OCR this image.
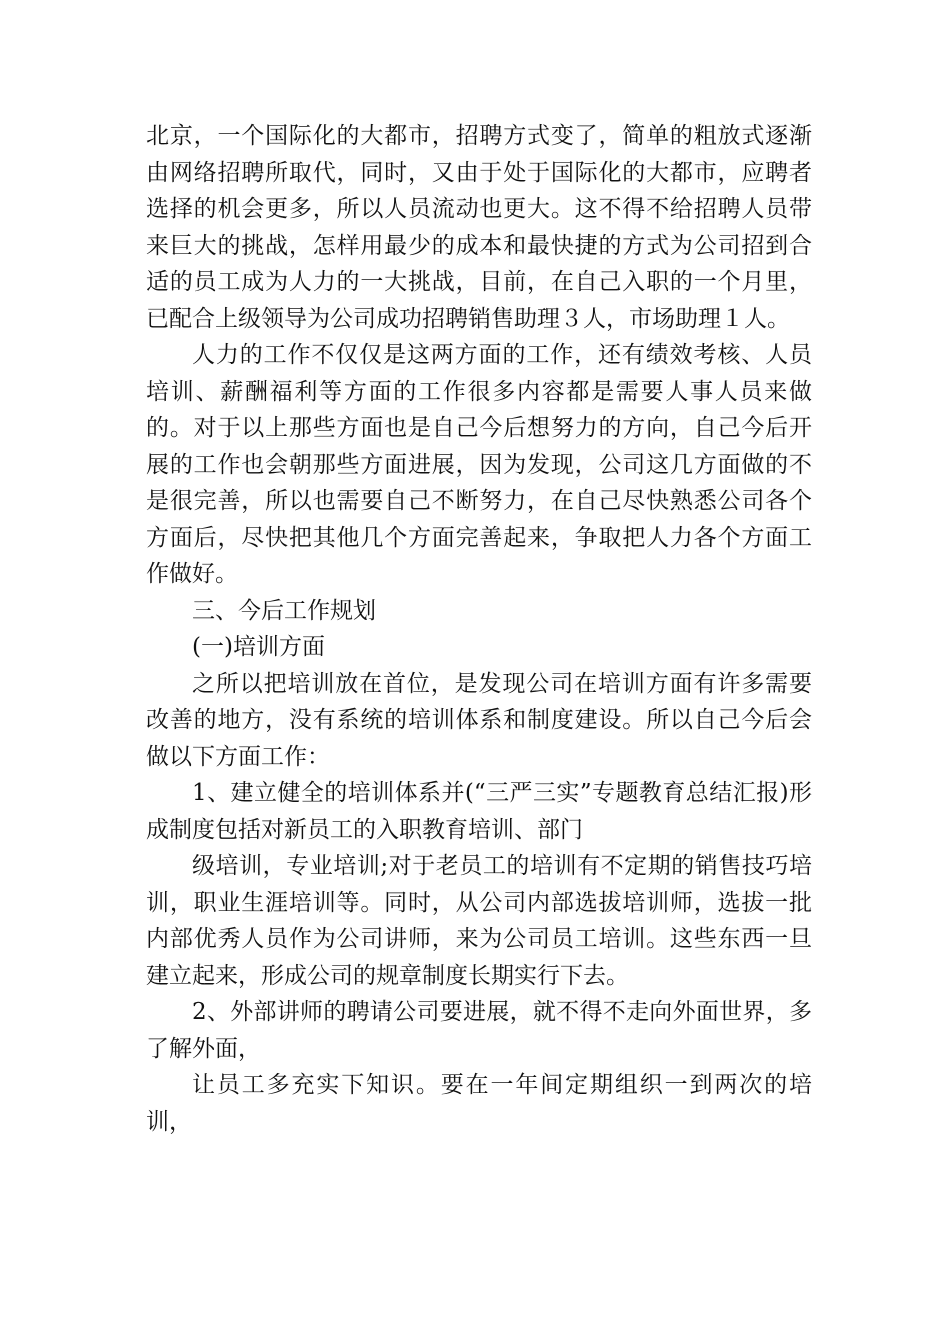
北京，一个国际化的大都市，招聘方式变了，简单的粗放式逐渐由网络招聘所取代，同时，又由于处于国际化的大都市，应聘者选择的机会更多，所以人员流动也更大。这不得不给招聘人员带来巨大的挑战，怎样用最少的成本和最快捷的方式为公司招到合适的员工成为人力的一大挑战，目前，在自己入职的一个月里，已配合上级领导为公司成功招聘销售助理３人，市场助理１人。

人力的工作不仅仅是这两方面的工作，还有绩效考核、人员培训、薪酬福利等方面的工作很多内容都是需要人事人员来做的。对于以上那些方面也是自己今后想努力的方向，自己今后开展的工作也会朝那些方面进展，因为发现，公司这几方面做的不是很完善，所以也需要自己不断努力，在自己尽快熟悉公司各个方面后，尽快把其他几个方面完善起来，争取把人力各个方面工作做好。

三、今后工作规划

(一)培训方面

之所以把培训放在首位，是发现公司在培训方面有许多需要改善的地方，没有系统的培训体系和制度建设。所以自己今后会做以下方面工作：

1、建立健全的培训体系并(“三严三实”专题教育总结汇报)形成制度包括对新员工的入职教育培训、部门

级培训，专业培训;对于老员工的培训有不定期的销售技巧培训，职业生涯培训等。同时，从公司内部选拔培训师，选拔一批内部优秀人员作为公司讲师，来为公司员工培训。这些东西一旦建立起来，形成公司的规章制度长期实行下去。

2、外部讲师的聘请公司要进展，就不得不走向外面世界，多了解外面，

让员工多充实下知识。要在一年间定期组织一到两次的培训，
